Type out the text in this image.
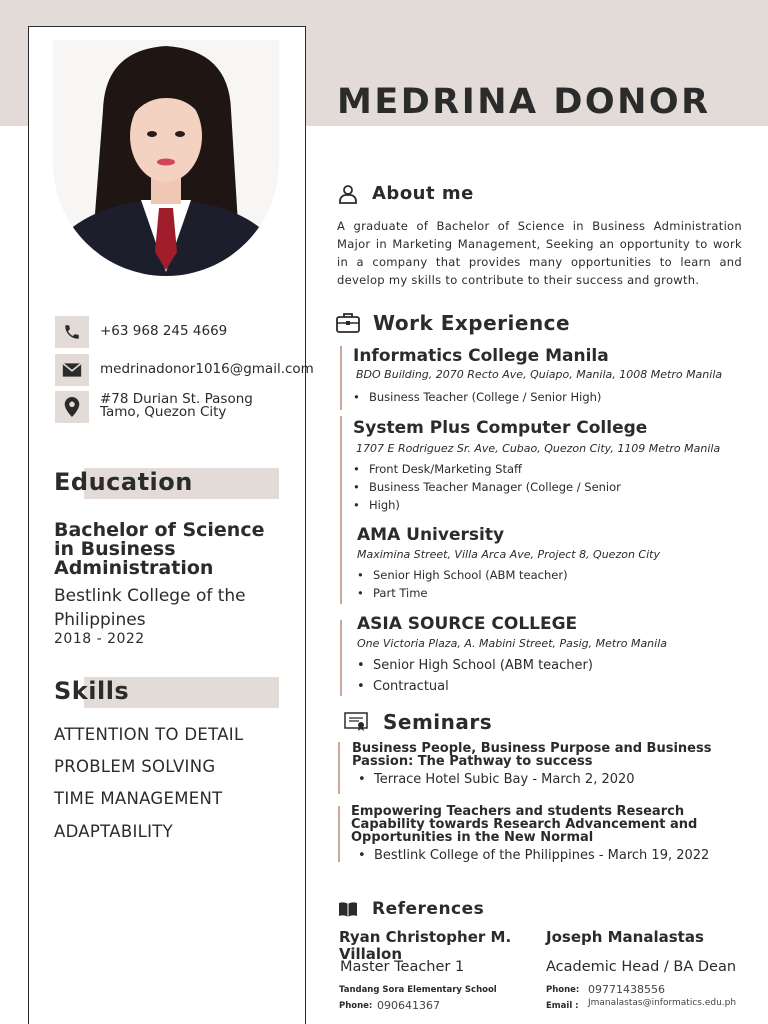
MEDRINA DONOR
+63 968 245 4669
medrinadonor1016@gmail.com
#78 Durian St. Pasong
Tamo, Quezon City
Education
Bachelor of Science
in Business
Administration
Bestlink College of the
Philippines
2018 - 2022
Skills
ATTENTION TO DETAIL
PROBLEM SOLVING
TIME MANAGEMENT
ADAPTABILITY
About me
A graduate of Bachelor of Science in Business Administration Major in Marketing Management, Seeking an opportunity to work in a company that provides many opportunities to learn and develop my skills to contribute to their success and growth.
Work Experience
Informatics College Manila
BDO Building, 2070 Recto Ave, Quiapo, Manila, 1008 Metro Manila
• Business Teacher (College / Senior High)
System Plus Computer College
1707 E Rodriguez Sr. Ave, Cubao, Quezon City, 1109 Metro Manila
• Front Desk/Marketing Staff
• Business Teacher Manager (College / Senior
• High)
AMA University
Maximina Street, Villa Arca Ave, Project 8, Quezon City
• Senior High School (ABM teacher)
• Part Time
ASIA SOURCE COLLEGE
One Victoria Plaza, A. Mabini Street, Pasig, Metro Manila
• Senior High School (ABM teacher)
• Contractual
Seminars
Business People, Business Purpose and Business
Passion: The Pathway to success
• Terrace Hotel Subic Bay - March 2, 2020
Empowering Teachers and students Research
Capability towards Research Advancement and
Opportunities in the New Normal
• Bestlink College of the Philippines - March 19, 2022
References
Ryan Christopher M.
Villalon
Master Teacher 1
Tandang Sora Elementary School
Phone: 090641367
Joseph Manalastas
Academic Head / BA Dean
Phone: 09771438556
Email : Jmanalastas@informatics.edu.ph
